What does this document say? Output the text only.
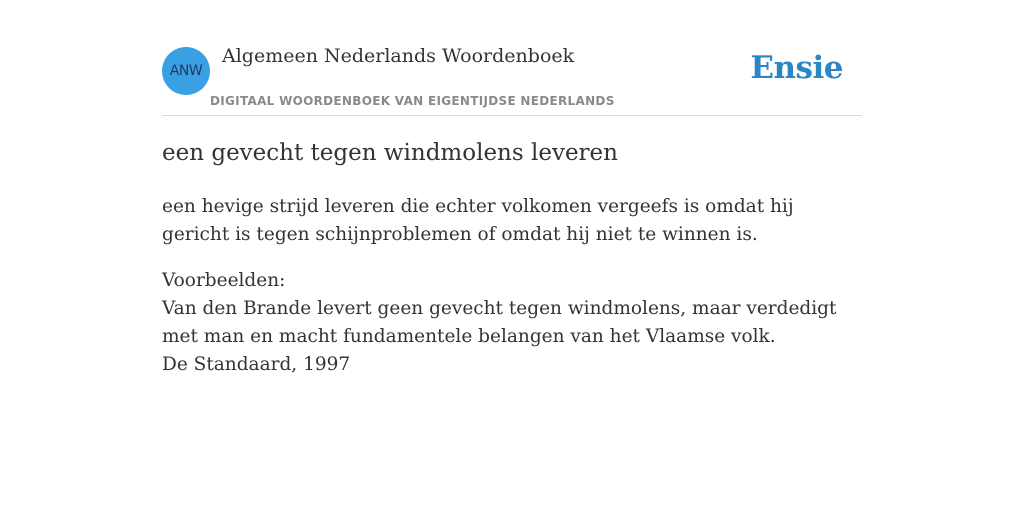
ANW
Algemeen Nederlands Woordenboek
DIGITAAL WOORDENBOEK VAN EIGENTIJDSE NEDERLANDS
Ensie
een gevecht tegen windmolens leveren
een hevige strijd leveren die echter volkomen vergeefs is omdat hij gericht is tegen schijnproblemen of omdat hij niet te winnen is.
Voorbeelden:
Van den Brande levert geen gevecht tegen windmolens, maar verdedigt met man en macht fundamentele belangen van het Vlaamse volk.
De Standaard, 1997
